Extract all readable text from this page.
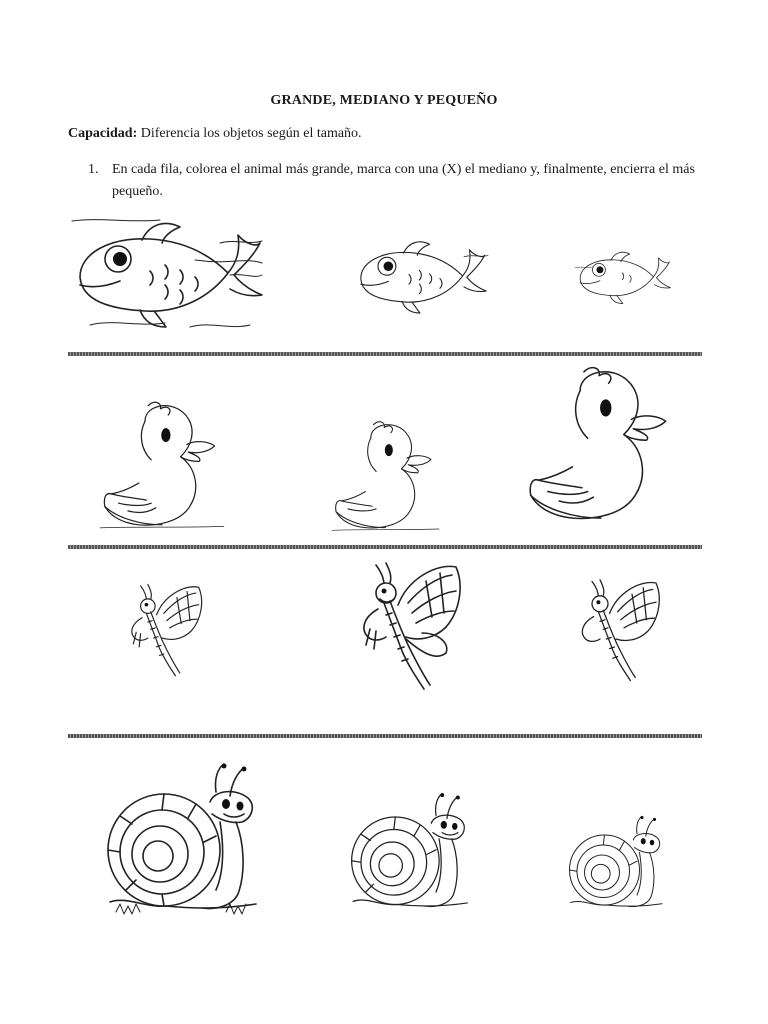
GRANDE, MEDIANO Y PEQUEÑO
Capacidad: Diferencia los objetos según el tamaño.
1. En cada fila, colorea el animal más grande, marca con una (X) el mediano y, finalmente, encierra el más pequeño.
